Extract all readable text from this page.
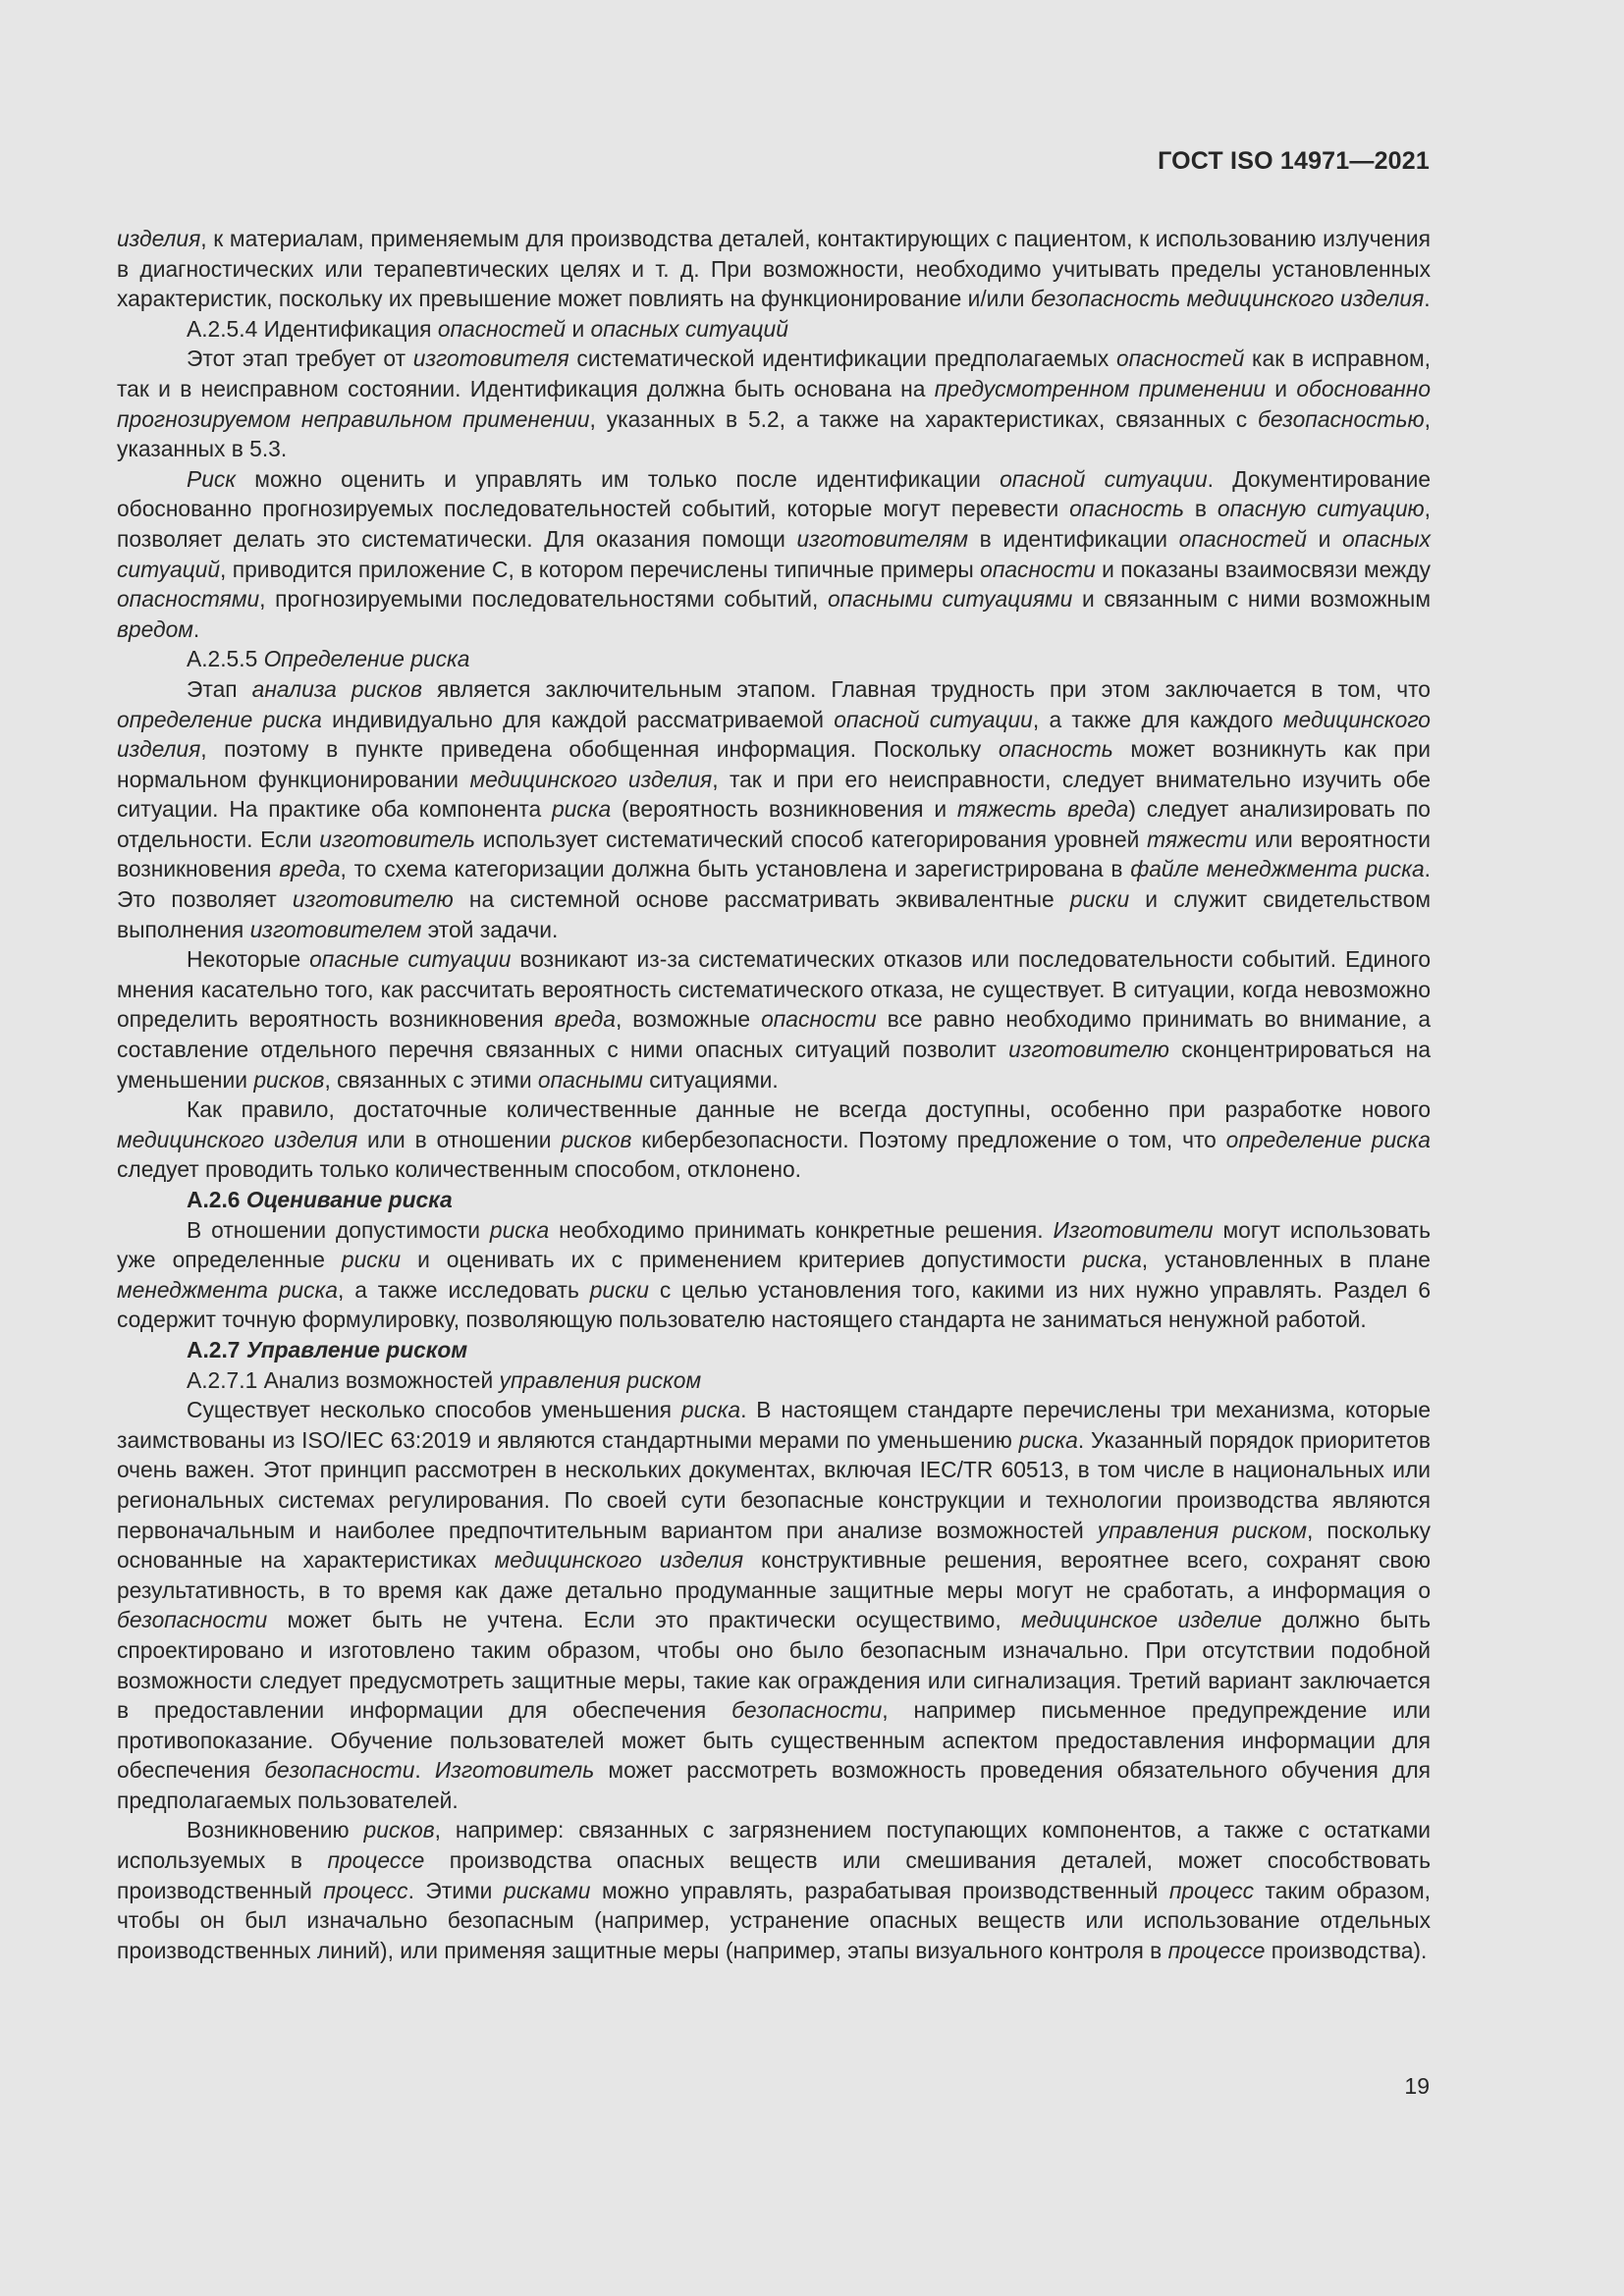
ГОСТ ISO 14971—2021

изделия, к материалам, применяемым для производства деталей, контактирующих с пациентом, к использованию излучения в диагностических или терапевтических целях и т. д. При возможности, необходимо учитывать пределы установленных характеристик, поскольку их превышение может повлиять на функционирование и/или безопасность медицинского изделия.

А.2.5.4 Идентификация опасностей и опасных ситуаций

Этот этап требует от изготовителя систематической идентификации предполагаемых опасностей как в исправном, так и в неисправном состоянии. Идентификация должна быть основана на предусмотренном применении и обоснованно прогнозируемом неправильном применении, указанных в 5.2, а также на характеристиках, связанных с безопасностью, указанных в 5.3.

Риск можно оценить и управлять им только после идентификации опасной ситуации. Документирование обоснованно прогнозируемых последовательностей событий, которые могут перевести опасность в опасную ситуацию, позволяет делать это систематически. Для оказания помощи изготовителям в идентификации опасностей и опасных ситуаций, приводится приложение С, в котором перечислены типичные примеры опасности и показаны взаимосвязи между опасностями, прогнозируемыми последовательностями событий, опасными ситуациями и связанным с ними возможным вредом.

А.2.5.5 Определение риска

Этап анализа рисков является заключительным этапом. Главная трудность при этом заключается в том, что определение риска индивидуально для каждой рассматриваемой опасной ситуации, а также для каждого медицинского изделия, поэтому в пункте приведена обобщенная информация. Поскольку опасность может возникнуть как при нормальном функционировании медицинского изделия, так и при его неисправности, следует внимательно изучить обе ситуации. На практике оба компонента риска (вероятность возникновения и тяжесть вреда) следует анализировать по отдельности. Если изготовитель использует систематический способ категорирования уровней тяжести или вероятности возникновения вреда, то схема категоризации должна быть установлена и зарегистрирована в файле менеджмента риска. Это позволяет изготовителю на системной основе рассматривать эквивалентные риски и служит свидетельством выполнения изготовителем этой задачи.

Некоторые опасные ситуации возникают из-за систематических отказов или последовательности событий. Единого мнения касательно того, как рассчитать вероятность систематического отказа, не существует. В ситуации, когда невозможно определить вероятность возникновения вреда, возможные опасности все равно необходимо принимать во внимание, а составление отдельного перечня связанных с ними опасных ситуаций позволит изготовителю сконцентрироваться на уменьшении рисков, связанных с этими опасными ситуациями.

Как правило, достаточные количественные данные не всегда доступны, особенно при разработке нового медицинского изделия или в отношении рисков кибербезопасности. Поэтому предложение о том, что определение риска следует проводить только количественным способом, отклонено.

А.2.6 Оценивание риска

В отношении допустимости риска необходимо принимать конкретные решения. Изготовители могут использовать уже определенные риски и оценивать их с применением критериев допустимости риска, установленных в плане менеджмента риска, а также исследовать риски с целью установления того, какими из них нужно управлять. Раздел 6 содержит точную формулировку, позволяющую пользователю настоящего стандарта не заниматься ненужной работой.

А.2.7 Управление риском

А.2.7.1 Анализ возможностей управления риском

Существует несколько способов уменьшения риска. В настоящем стандарте перечислены три механизма, которые заимствованы из ISO/IEC 63:2019 и являются стандартными мерами по уменьшению риска. Указанный порядок приоритетов очень важен. Этот принцип рассмотрен в нескольких документах, включая IEC/TR 60513, в том числе в национальных или региональных системах регулирования. По своей сути безопасные конструкции и технологии производства являются первоначальным и наиболее предпочтительным вариантом при анализе возможностей управления риском, поскольку основанные на характеристиках медицинского изделия конструктивные решения, вероятнее всего, сохранят свою результативность, в то время как даже детально продуманные защитные меры могут не сработать, а информация о безопасности может быть не учтена. Если это практически осуществимо, медицинское изделие должно быть спроектировано и изготовлено таким образом, чтобы оно было безопасным изначально. При отсутствии подобной возможности следует предусмотреть защитные меры, такие как ограждения или сигнализация. Третий вариант заключается в предоставлении информации для обеспечения безопасности, например письменное предупреждение или противопоказание. Обучение пользователей может быть существенным аспектом предоставления информации для обеспечения безопасности. Изготовитель может рассмотреть возможность проведения обязательного обучения для предполагаемых пользователей.

Возникновению рисков, например: связанных с загрязнением поступающих компонентов, а также с остатками используемых в процессе производства опасных веществ или смешивания деталей, может способствовать производственный процесс. Этими рисками можно управлять, разрабатывая производственный процесс таким образом, чтобы он был изначально безопасным (например, устранение опасных веществ или использование отдельных производственных линий), или применяя защитные меры (например, этапы визуального контроля в процессе производства).

19
